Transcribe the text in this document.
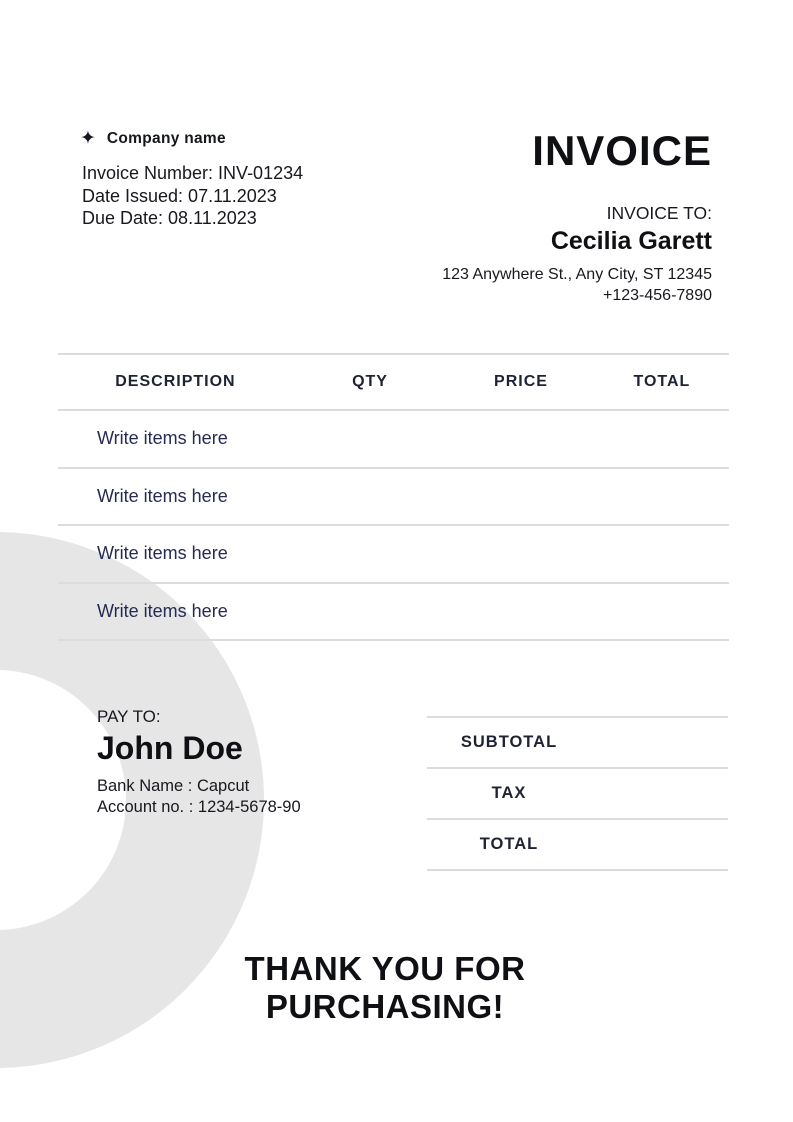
✦ Company name
Invoice Number: INV-01234
Date Issued: 07.11.2023
Due Date: 08.11.2023
INVOICE
INVOICE TO:
Cecilia Garett
123 Anywhere St., Any City, ST 12345
+123-456-7890
DESCRIPTION	QTY	PRICE	TOTAL
Write items here
Write items here
Write items here
Write items here
PAY TO:
John Doe
Bank Name : Capcut
Account no. : 1234-5678-90
SUBTOTAL
TAX
TOTAL
THANK YOU FOR
PURCHASING!
